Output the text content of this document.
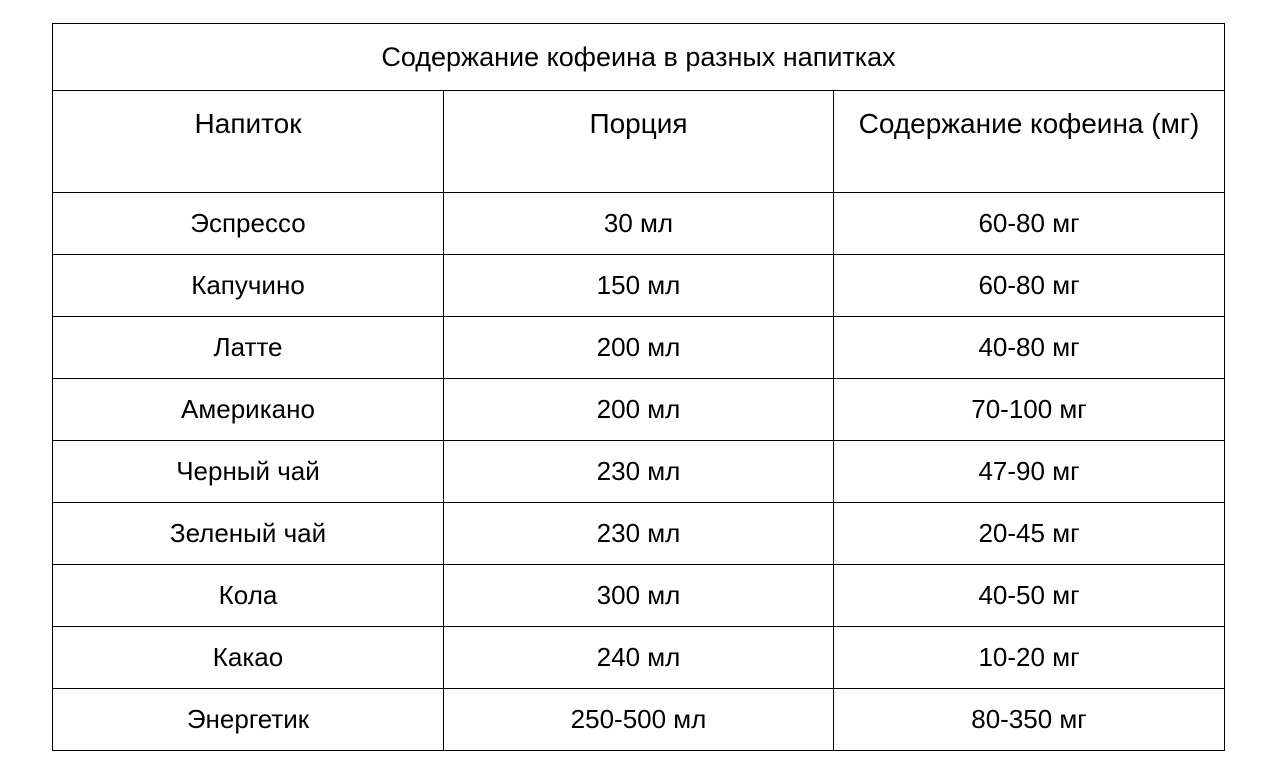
Содержание кофеина в разных напитках		
Напиток	Порция	Содержание кофеина (мг)
Эспрессо	30 мл	60-80 мг
Капучино	150 мл	60-80 мг
Латте	200 мл	40-80 мг
Американо	200 мл	70-100 мг
Черный чай	230 мл	47-90 мг
Зеленый чай	230 мл	20-45 мг
Кола	300 мл	40-50 мг
Какао	240 мл	10-20 мг
Энергетик	250-500 мл	80-350 мг
